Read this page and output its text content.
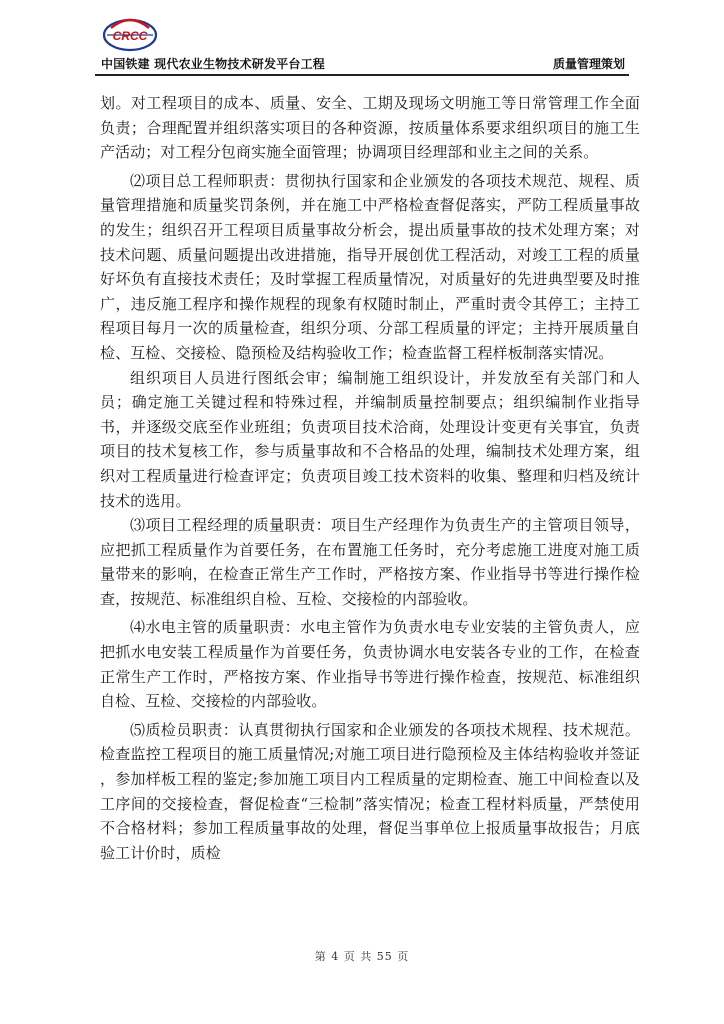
CRCC
中国铁建 现代农业生物技术研发平台工程	质量管理策划

划。对工程项目的成本、质量、安全、工期及现场文明施工等日常管理工作全面负责；合理配置并组织落实项目的各种资源，按质量体系要求组织项目的施工生产活动；对工程分包商实施全面管理；协调项目经理部和业主之间的关系。

⑵项目总工程师职责：贯彻执行国家和企业颁发的各项技术规范、规程、质量管理措施和质量奖罚条例，并在施工中严格检查督促落实，严防工程质量事故的发生；组织召开工程项目质量事故分析会，提出质量事故的技术处理方案；对技术问题、质量问题提出改进措施，指导开展创优工程活动，对竣工工程的质量好坏负有直接技术责任；及时掌握工程质量情况，对质量好的先进典型要及时推广，违反施工程序和操作规程的现象有权随时制止，严重时责令其停工；主持工程项目每月一次的质量检查，组织分项、分部工程质量的评定；主持开展质量自检、互检、交接检、隐预检及结构验收工作；检查监督工程样板制落实情况。

组织项目人员进行图纸会审；编制施工组织设计，并发放至有关部门和人员；确定施工关键过程和特殊过程，并编制质量控制要点；组织编制作业指导书，并逐级交底至作业班组；负责项目技术洽商，处理设计变更有关事宜，负责项目的技术复核工作，参与质量事故和不合格品的处理，编制技术处理方案，组织对工程质量进行检查评定；负责项目竣工技术资料的收集、整理和归档及统计技术的选用。

⑶项目工程经理的质量职责：项目生产经理作为负责生产的主管项目领导，应把抓工程质量作为首要任务，在布置施工任务时，充分考虑施工进度对施工质量带来的影响，在检查正常生产工作时，严格按方案、作业指导书等进行操作检查，按规范、标准组织自检、互检、交接检的内部验收。

⑷水电主管的质量职责：水电主管作为负责水电专业安装的主管负责人，应把抓水电安装工程质量作为首要任务，负责协调水电安装各专业的工作，在检查正常生产工作时，严格按方案、作业指导书等进行操作检查，按规范、标准组织自检、互检、交接检的内部验收。

⑸质检员职责：认真贯彻执行国家和企业颁发的各项技术规程、技术规范。检查监控工程项目的施工质量情况;对施工项目进行隐预检及主体结构验收并签证 ，参加样板工程的鉴定;参加施工项目内工程质量的定期检查、施工中间检查以及工序间的交接检查，督促检查“三检制”落实情况；检查工程材料质量，严禁使用不合格材料；参加工程质量事故的处理，督促当事单位上报质量事故报告；月底验工计价时，质检

第 4 页 共 55 页
